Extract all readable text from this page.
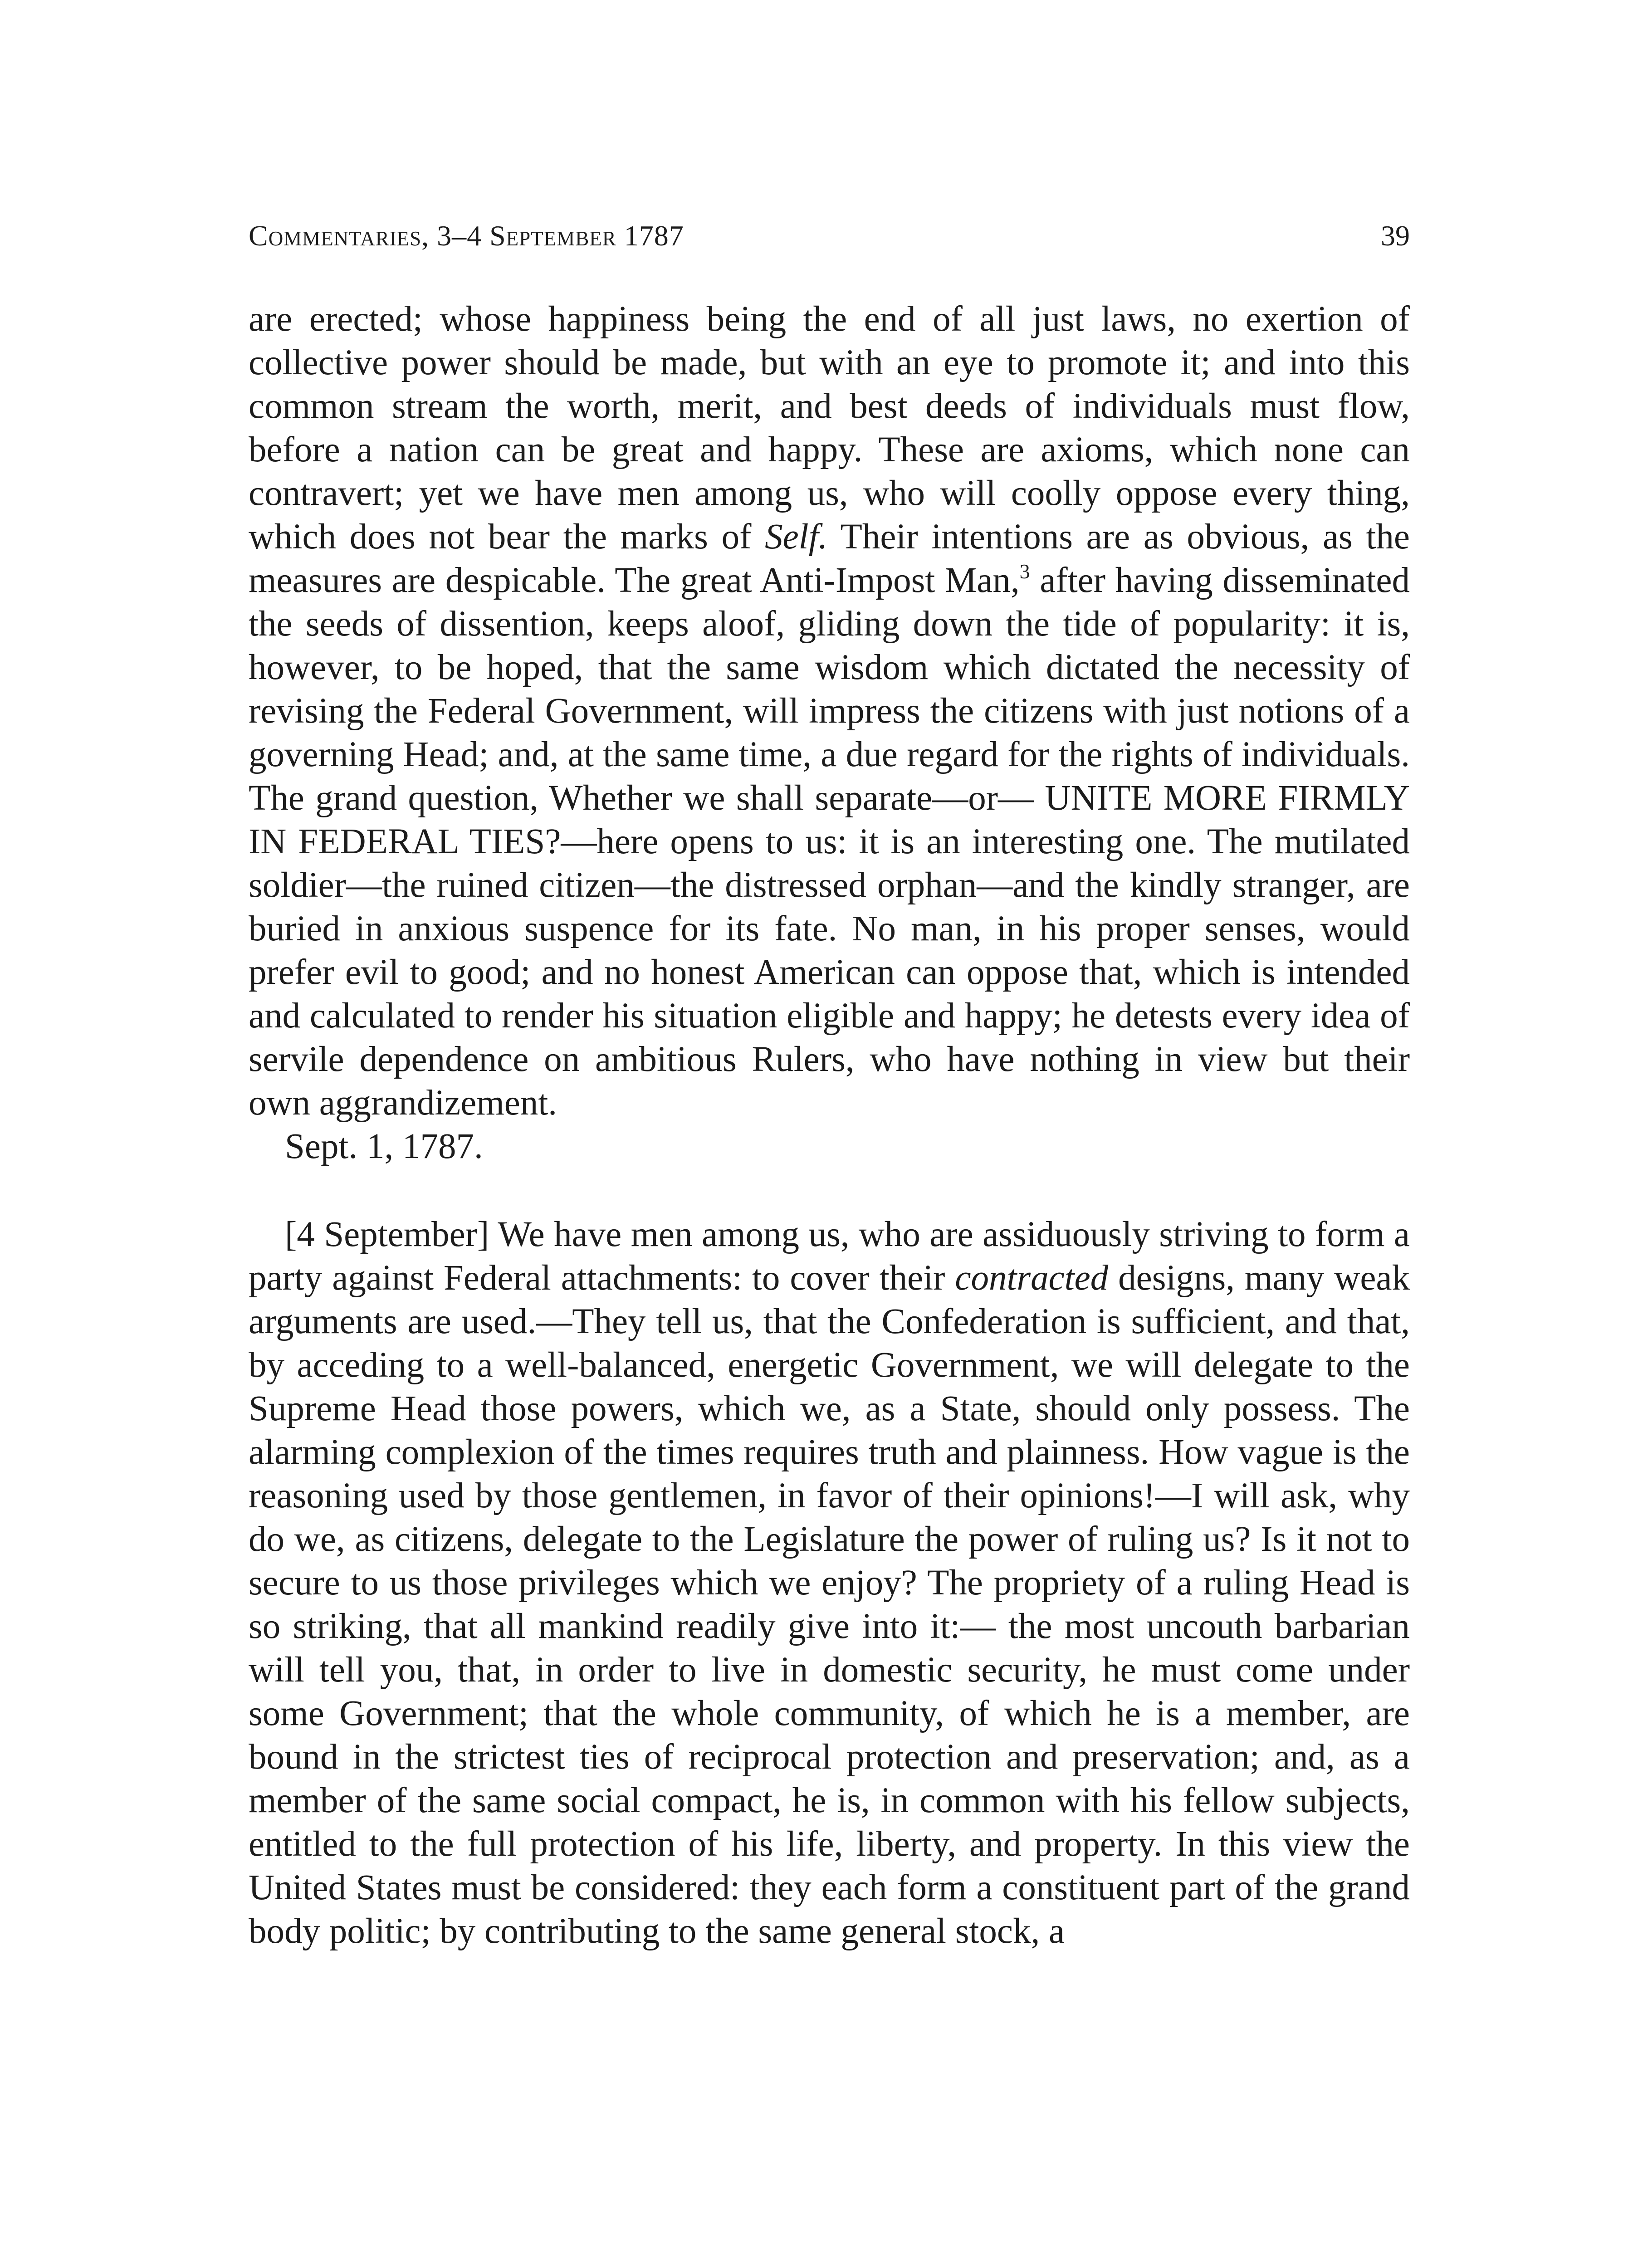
Commentaries, 3–4 September 1787	39

are erected; whose happiness being the end of all just laws, no exertion of collective power should be made, but with an eye to promote it; and into this common stream the worth, merit, and best deeds of individuals must flow, before a nation can be great and happy. These are axioms, which none can contravert; yet we have men among us, who will coolly oppose every thing, which does not bear the marks of Self. Their intentions are as obvious, as the measures are despicable. The great Anti-Impost Man,$^3$ after having disseminated the seeds of dissention, keeps aloof, gliding down the tide of popularity: it is, however, to be hoped, that the same wisdom which dictated the necessity of revising the Federal Government, will impress the citizens with just notions of a governing Head; and, at the same time, a due regard for the rights of individuals. The grand question, Whether we shall separate—or— UNITE MORE FIRMLY IN FEDERAL TIES?—here opens to us: it is an interesting one. The mutilated soldier—the ruined citizen—the distressed orphan—and the kindly stranger, are buried in anxious suspence for its fate. No man, in his proper senses, would prefer evil to good; and no honest American can oppose that, which is intended and calculated to render his situation eligible and happy; he detests every idea of servile dependence on ambitious Rulers, who have nothing in view but their own aggrandizement.

Sept. 1, 1787.

[4 September] We have men among us, who are assiduously striving to form a party against Federal attachments: to cover their contracted designs, many weak arguments are used.—They tell us, that the Confederation is sufficient, and that, by acceding to a well-balanced, energetic Government, we will delegate to the Supreme Head those powers, which we, as a State, should only possess. The alarming complexion of the times requires truth and plainness. How vague is the reasoning used by those gentlemen, in favor of their opinions!—I will ask, why do we, as citizens, delegate to the Legislature the power of ruling us? Is it not to secure to us those privileges which we enjoy? The propriety of a ruling Head is so striking, that all mankind readily give into it:— the most uncouth barbarian will tell you, that, in order to live in domestic security, he must come under some Government; that the whole community, of which he is a member, are bound in the strictest ties of reciprocal protection and preservation; and, as a member of the same social compact, he is, in common with his fellow subjects, entitled to the full protection of his life, liberty, and property. In this view the United States must be considered: they each form a constituent part of the grand body politic; by contributing to the same general stock, a
